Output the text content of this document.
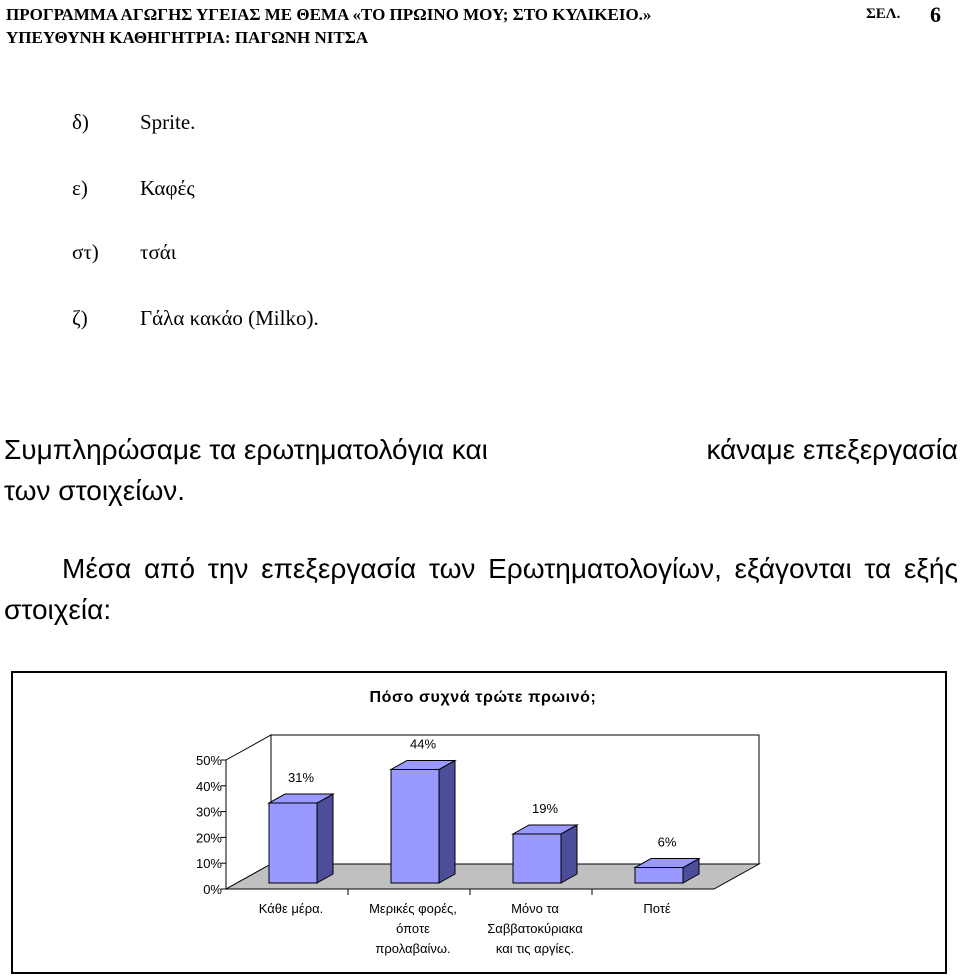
ΠΡΟΓΡΑΜΜΑ ΑΓΩΓΗΣ ΥΓΕΙΑΣ ΜΕ ΘΕΜΑ «ΤΟ ΠΡΩΙΝΟ ΜΟΥ; ΣΤΟ ΚΥΛΙΚΕΙΟ.»
ΥΠΕΥΘΥΝΗ ΚΑΘΗΓΗΤΡΙΑ: ΠΑΓΩΝΗ ΝΙΤΣΑ
ΣΕΛ. 6
δ) Sprite.
ε) Καφές
στ) τσάι
ζ) Γάλα κακάο (Milko).
Συμπληρώσαμε τα ερωτηματολόγια και	κάναμε επεξεργασία
των στοιχείων.
Μέσα από την επεξεργασία των Ερωτηματολογίων, εξάγονται τα εξής στοιχεία:
Πόσο συχνά τρώτε πρωινό;
0%
10%
20%
30%
40%
50%
31%
Κάθε μέρα.
44%
Μερικές φορές,
όποτε
προλαβαίνω.
19%
Μόνο τα
Σαββατοκύριακα
και τις αργίες.
6%
Ποτέ
